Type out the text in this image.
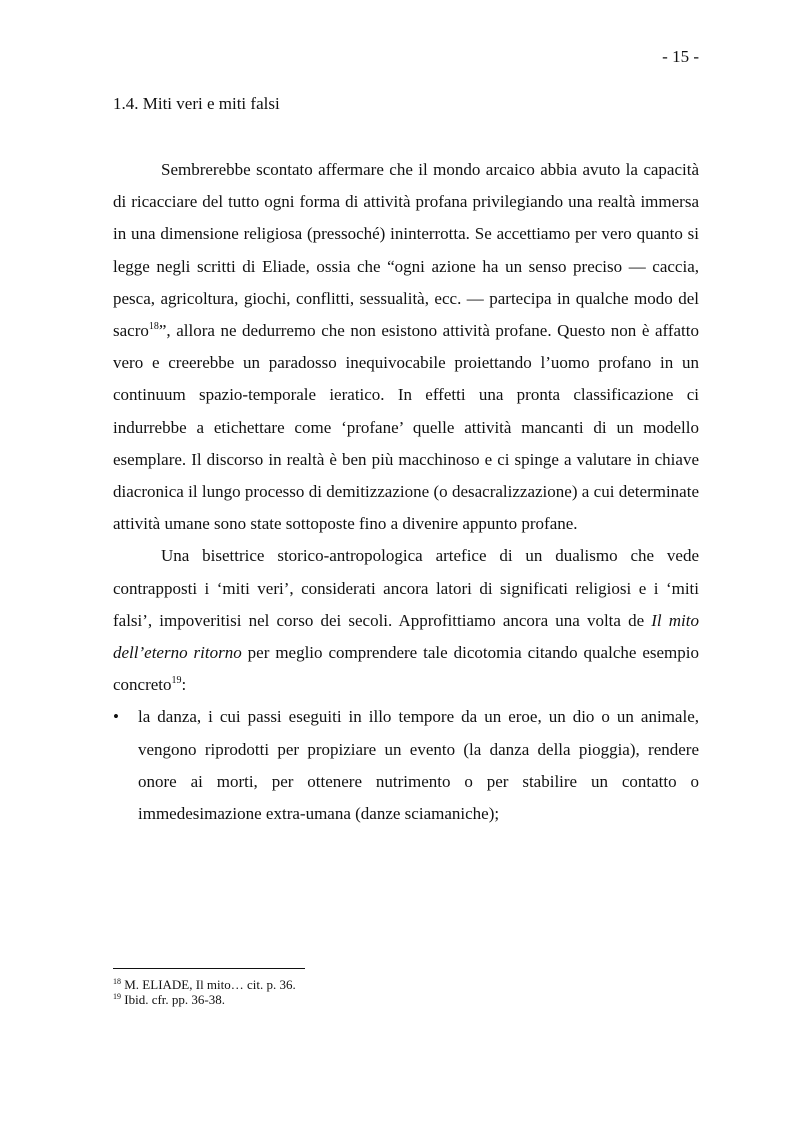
- 15 -
1.4. Miti veri e miti falsi

Sembrerebbe scontato affermare che il mondo arcaico abbia avuto la capacità di ricacciare del tutto ogni forma di attività profana privilegiando una realtà immersa in una dimensione religiosa (pressoché) ininterrotta. Se accettiamo per vero quanto si legge negli scritti di Eliade, ossia che “ogni azione ha un senso preciso — caccia, pesca, agricoltura, giochi, conflitti, sessualità, ecc. — partecipa in qualche modo del sacro$^{18}$”, allora ne dedurremo che non esistono attività profane. Questo non è affatto vero e creerebbe un paradosso inequivocabile proiettando l’uomo profano in un continuum spazio-temporale ieratico. In effetti una pronta classificazione ci indurrebbe a etichettare come ‘profane’ quelle attività mancanti di un modello esemplare. Il discorso in realtà è ben più macchinoso e ci spinge a valutare in chiave diacronica il lungo processo di demitizzazione (o desacralizzazione) a cui determinate attività umane sono state sottoposte fino a divenire appunto profane.

Una bisettrice storico-antropologica artefice di un dualismo che vede contrapposti i ‘miti veri’, considerati ancora latori di significati religiosi e i ‘miti falsi’, impoveritisi nel corso dei secoli. Approfittiamo ancora una volta de Il mito dell’eterno ritorno per meglio comprendere tale dicotomia citando qualche esempio concreto$^{19}$:

• la danza, i cui passi eseguiti in illo tempore da un eroe, un dio o un animale, vengono riprodotti per propiziare un evento (la danza della pioggia), rendere onore ai morti, per ottenere nutrimento o per stabilire un contatto o immedesimazione extra-umana (danze sciamaniche);
$^{18}$ M. ELIADE, Il mito… cit. p. 36.
$^{19}$ Ibid. cfr. pp. 36-38.
